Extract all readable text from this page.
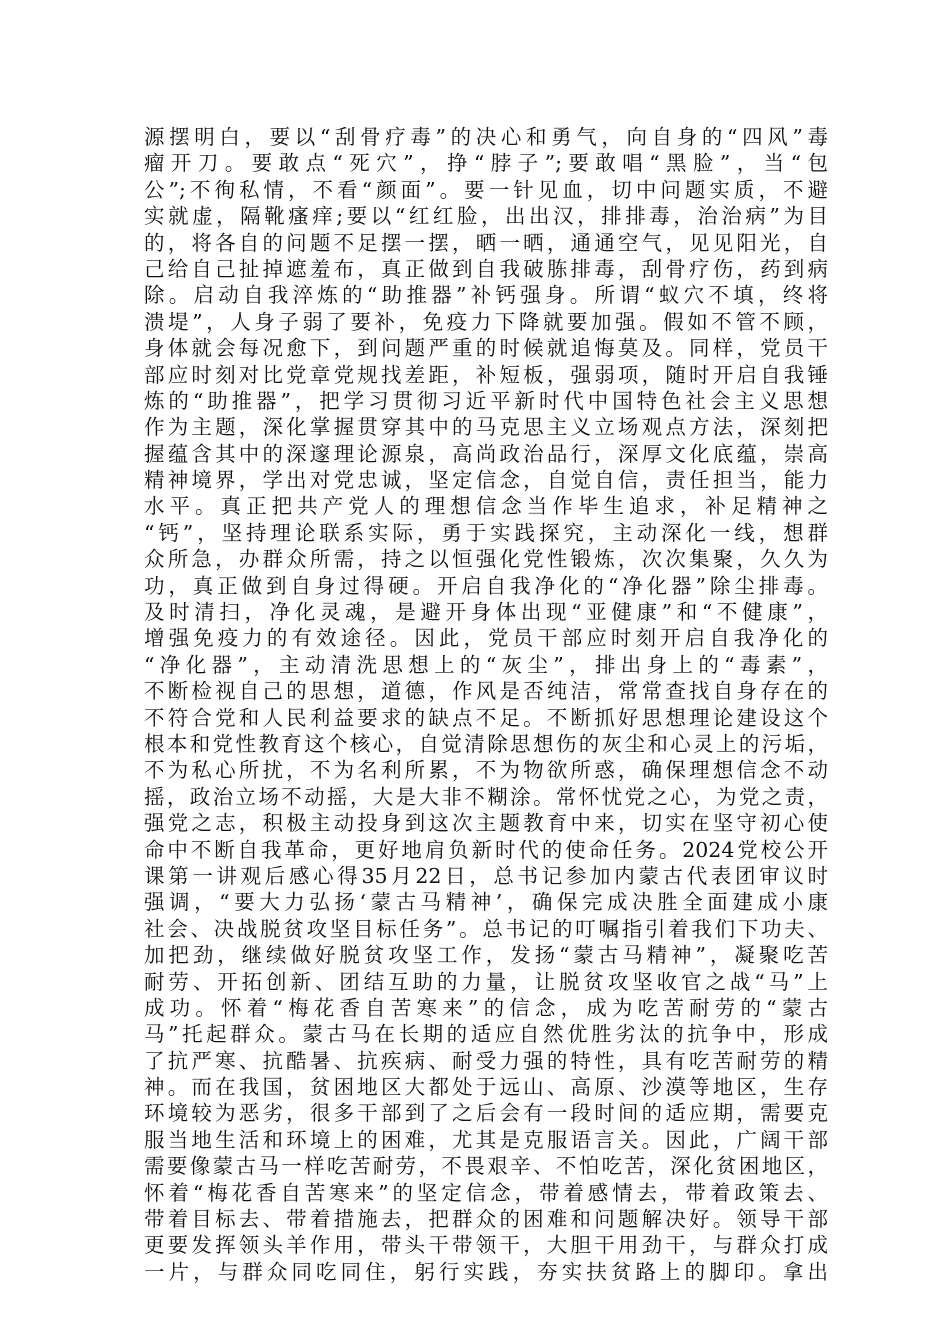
源摆明白，要以“刮骨疗毒”的决心和勇气，向自身的“四风”毒
瘤开刀。要敢点“死穴”，挣“脖子”;要敢唱“黑脸”，当“包
公”;不徇私情，不看“颜面”。要一针见血，切中问题实质，不避
实就虚，隔靴瘙痒;要以“红红脸，出出汉，排排毒，治治病”为目
的，将各自的问题不足摆一摆，晒一晒，通通空气，见见阳光，自
己给自己扯掉遮羞布，真正做到自我破胨排毒，刮骨疗伤，药到病
除。启动自我淬炼的“助推器”补钙强身。所谓“蚁穴不填，终将
溃堤”，人身子弱了要补，免疫力下降就要加强。假如不管不顾，
身体就会每况愈下，到问题严重的时候就追悔莫及。同样，党员干
部应时刻对比党章党规找差距，补短板，强弱项，随时开启自我锤
炼的“助推器”，把学习贯彻习近平新时代中国特色社会主义思想
作为主题，深化掌握贯穿其中的马克思主义立场观点方法，深刻把
握蕴含其中的深邃理论源泉，高尚政治品行，深厚文化底蕴，崇高
精神境界，学出对党忠诚，坚定信念，自觉自信，责任担当，能力
水平。真正把共产党人的理想信念当作毕生追求，补足精神之
“钙”，坚持理论联系实际，勇于实践探究，主动深化一线，想群
众所急，办群众所需，持之以恒强化党性锻炼，次次集聚，久久为
功，真正做到自身过得硬。开启自我净化的“净化器”除尘排毒。
及时清扫，净化灵魂，是避开身体出现“亚健康”和“不健康”，
增强免疫力的有效途径。因此，党员干部应时刻开启自我净化的
“净化器”，主动清洗思想上的“灰尘”，排出身上的“毒素”，
不断检视自己的思想，道德，作风是否纯洁，常常查找自身存在的
不符合党和人民利益要求的缺点不足。不断抓好思想理论建设这个
根本和党性教育这个核心，自觉清除思想伤的灰尘和心灵上的污垢，
不为私心所扰，不为名利所累，不为物欲所惑，确保理想信念不动
摇，政治立场不动摇，大是大非不糊涂。常怀忧党之心，为党之责，
强党之志，积极主动投身到这次主题教育中来，切实在坚守初心使
命中不断自我革命，更好地肩负新时代的使命任务。2024党校公开
课第一讲观后感心得35月22日，总书记参加内蒙古代表团审议时
强调，“要大力弘扬‘蒙古马精神’，确保完成决胜全面建成小康
社会、决战脱贫攻坚目标任务”。总书记的叮嘱指引着我们下功夫、
加把劲，继续做好脱贫攻坚工作，发扬“蒙古马精神”，凝聚吃苦
耐劳、开拓创新、团结互助的力量，让脱贫攻坚收官之战“马”上
成功。怀着“梅花香自苦寒来”的信念，成为吃苦耐劳的“蒙古
马”托起群众。蒙古马在长期的适应自然优胜劣汰的抗争中，形成
了抗严寒、抗酷暑、抗疾病、耐受力强的特性，具有吃苦耐劳的精
神。而在我国，贫困地区大都处于远山、高原、沙漠等地区，生存
环境较为恶劣，很多干部到了之后会有一段时间的适应期，需要克
服当地生活和环境上的困难，尤其是克服语言关。因此，广阔干部
需要像蒙古马一样吃苦耐劳，不畏艰辛、不怕吃苦，深化贫困地区，
怀着“梅花香自苦寒来”的坚定信念，带着感情去，带着政策去、
带着目标去、带着措施去，把群众的困难和问题解决好。领导干部
更要发挥领头羊作用，带头干带领干，大胆干用劲干，与群众打成
一片，与群众同吃同住，躬行实践，夯实扶贫路上的脚印。拿出
